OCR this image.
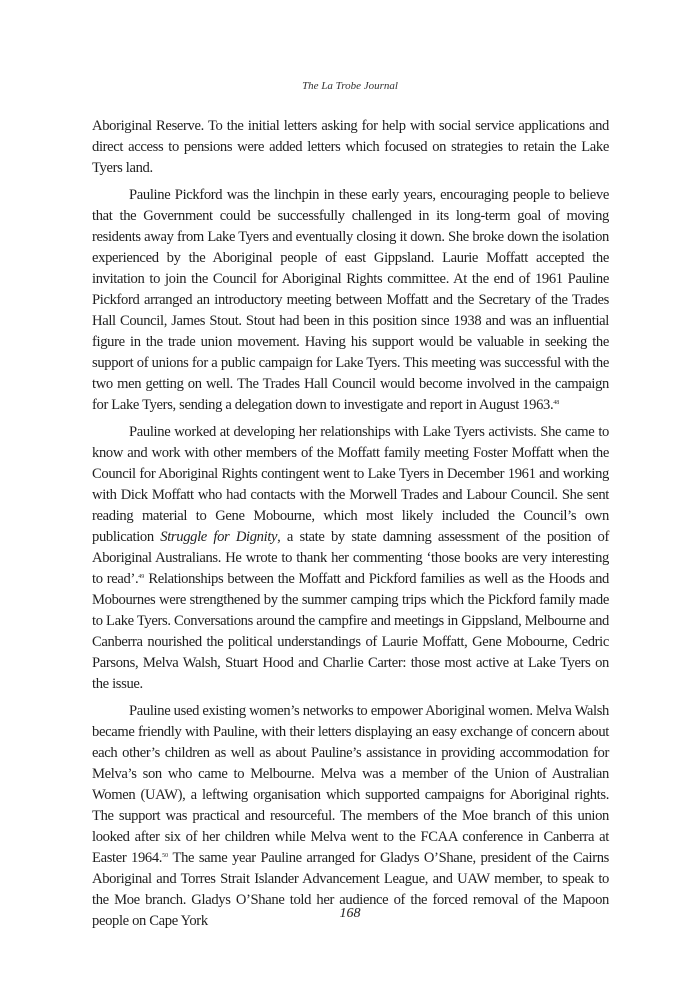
The La Trobe Journal

Aboriginal Reserve. To the initial letters asking for help with social service applications and direct access to pensions were added letters which focused on strategies to retain the Lake Tyers land.

Pauline Pickford was the linchpin in these early years, encouraging people to believe that the Government could be successfully challenged in its long-term goal of moving residents away from Lake Tyers and eventually closing it down. She broke down the isolation experienced by the Aboriginal people of east Gippsland. Laurie Moffatt accepted the invitation to join the Council for Aboriginal Rights committee. At the end of 1961 Pauline Pickford arranged an introductory meeting between Moffatt and the Secretary of the Trades Hall Council, James Stout. Stout had been in this position since 1938 and was an influential figure in the trade union movement. Having his support would be valuable in seeking the support of unions for a public campaign for Lake Tyers. This meeting was successful with the two men getting on well. The Trades Hall Council would become involved in the campaign for Lake Tyers, sending a delegation down to investigate and report in August 1963.48

Pauline worked at developing her relationships with Lake Tyers activists. She came to know and work with other members of the Moffatt family meeting Foster Moffatt when the Council for Aboriginal Rights contingent went to Lake Tyers in December 1961 and working with Dick Moffatt who had contacts with the Morwell Trades and Labour Council. She sent reading material to Gene Mobourne, which most likely included the Council’s own publication Struggle for Dignity, a state by state damning assessment of the position of Aboriginal Australians. He wrote to thank her commenting ‘those books are very interesting to read’.$^{49}$ Relationships between the Moffatt and Pickford families as well as the Hoods and Mobournes were strengthened by the summer camping trips which the Pickford family made to Lake Tyers. Conversations around the campfire and meetings in Gippsland, Melbourne and Canberra nourished the political understandings of Laurie Moffatt, Gene Mobourne, Cedric Parsons, Melva Walsh, Stuart Hood and Charlie Carter: those most active at Lake Tyers on the issue.

Pauline used existing women’s networks to empower Aboriginal women. Melva Walsh became friendly with Pauline, with their letters displaying an easy exchange of concern about each other’s children as well as about Pauline’s assistance in providing accommodation for Melva’s son who came to Melbourne. Melva was a member of the Union of Australian Women (UAW), a leftwing organisation which supported campaigns for Aboriginal rights. The support was practical and resourceful. The members of the Moe branch of this union looked after six of her children while Melva went to the FCAA conference in Canberra at Easter 1964.50 The same year Pauline arranged for Gladys O’Shane, president of the Cairns Aboriginal and Torres Strait Islander Advancement League, and UAW member, to speak to the Moe branch. Gladys O’Shane told her audience of the forced removal of the Mapoon people on Cape York	168
